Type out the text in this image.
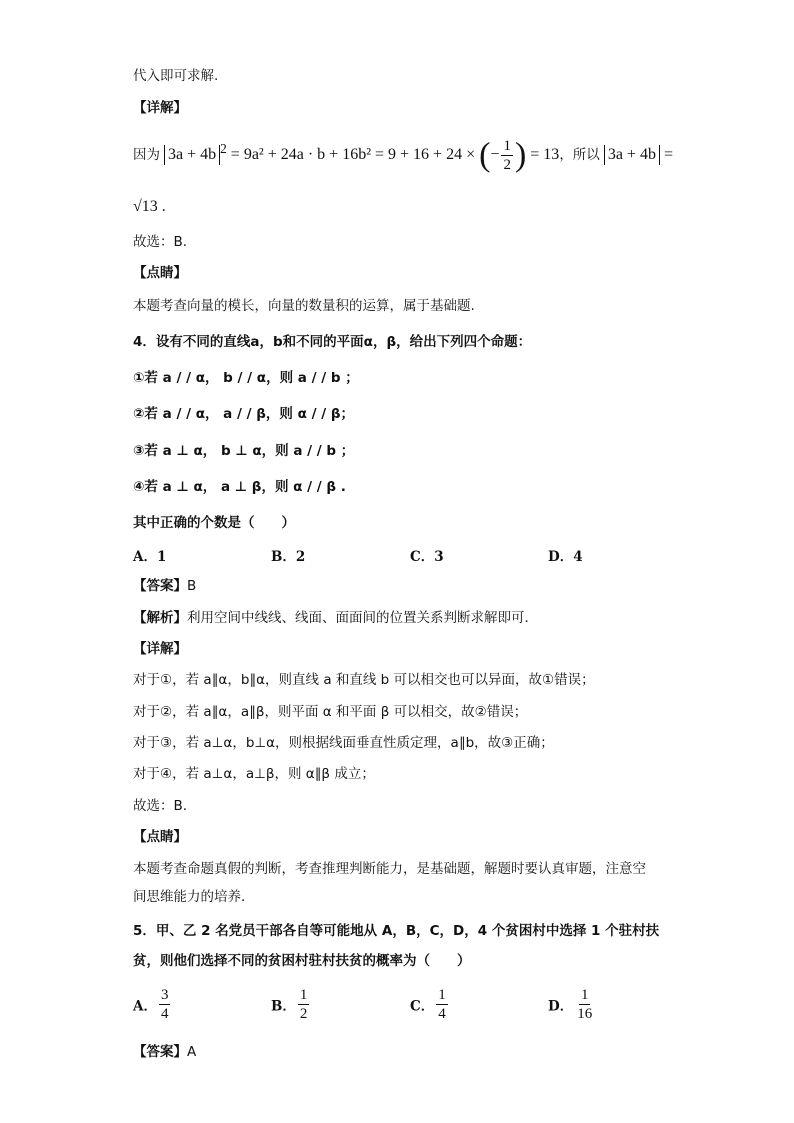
代入即可求解.
【详解】
因为 3a + 4b $^2$ = 9a² + 24a · b + 16b² = 9 + 16 + 24 × (− $\frac{1}{2}$ ) = 13，所以 3a + 4b =
√13 .
故选：B.
【点睛】
本题考查向量的模长，向量的数量积的运算，属于基础题.
4．设有不同的直线a，b和不同的平面α，β，给出下列四个命题：
①若 a / / α， b / / α，则 a / / b ；
②若 a / / α， a / / β，则 α / / β；
③若 a ⊥ α， b ⊥ α，则 a / / b ；
④若 a ⊥ α， a ⊥ β，则 α / / β .
其中正确的个数是（　　）
A．1	B．2	C．3	D．4
【答案】B
【解析】利用空间中线线、线面、面面间的位置关系判断求解即可．
【详解】
对于①，若 a∥α，b∥α，则直线 a 和直线 b 可以相交也可以异面，故①错误；
对于②，若 a∥α，a∥β，则平面 α 和平面 β 可以相交，故②错误；
对于③，若 a⊥α，b⊥α，则根据线面垂直性质定理，a∥b，故③正确；
对于④，若 a⊥α，a⊥β，则 α∥β 成立；
故选：B.
【点睛】
本题考查命题真假的判断，考查推理判断能力，是基础题，解题时要认真审题，注意空
间思维能力的培养．
5．甲、乙 2 名党员干部各自等可能地从 A，B，C，D，4 个贫困村中选择 1 个驻村扶
贫，则他们选择不同的贫困村驻村扶贫的概率为（　　）
A． $\frac{3}{4}$	B． $\frac{1}{2}$	C． $\frac{1}{4}$	D． $\frac{1}{16}$
【答案】A
